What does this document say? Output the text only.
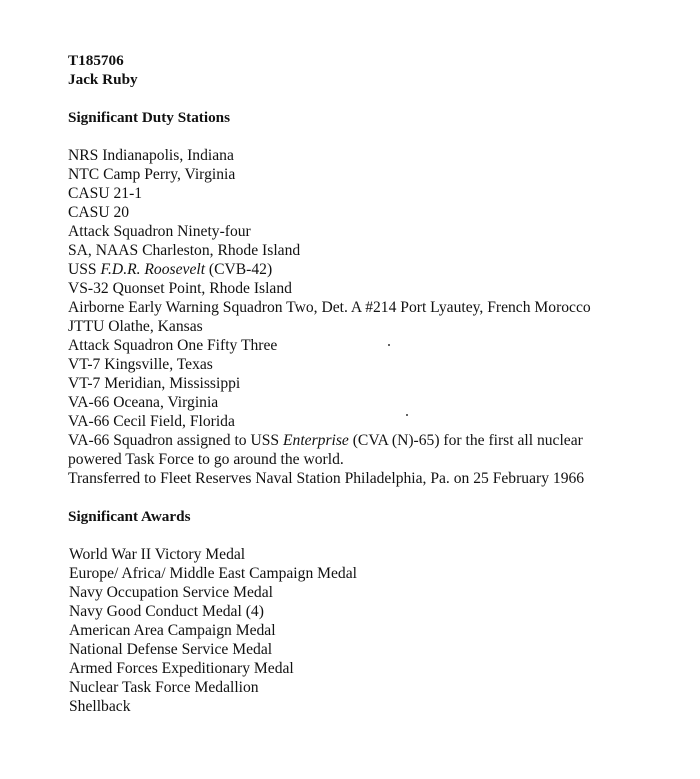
T185706
Jack Ruby
Significant Duty Stations
NRS Indianapolis, Indiana
NTC Camp Perry, Virginia
CASU 21-1
CASU 20
Attack Squadron Ninety-four
SA, NAAS Charleston, Rhode Island
USS F.D.R. Roosevelt (CVB-42)
VS-32 Quonset Point, Rhode Island
Airborne Early Warning Squadron Two, Det. A #214 Port Lyautey, French Morocco
JTTU Olathe, Kansas
Attack Squadron One Fifty Three
VT-7 Kingsville, Texas
VT-7 Meridian, Mississippi
VA-66 Oceana, Virginia
VA-66 Cecil Field, Florida
VA-66 Squadron assigned to USS Enterprise (CVA (N)-65) for the first all nuclear
powered Task Force to go around the world.
Transferred to Fleet Reserves Naval Station Philadelphia, Pa. on 25 February 1966
Significant Awards
World War II Victory Medal
Europe/ Africa/ Middle East Campaign Medal
Navy Occupation Service Medal
Navy Good Conduct Medal (4)
American Area Campaign Medal
National Defense Service Medal
Armed Forces Expeditionary Medal
Nuclear Task Force Medallion
Shellback
